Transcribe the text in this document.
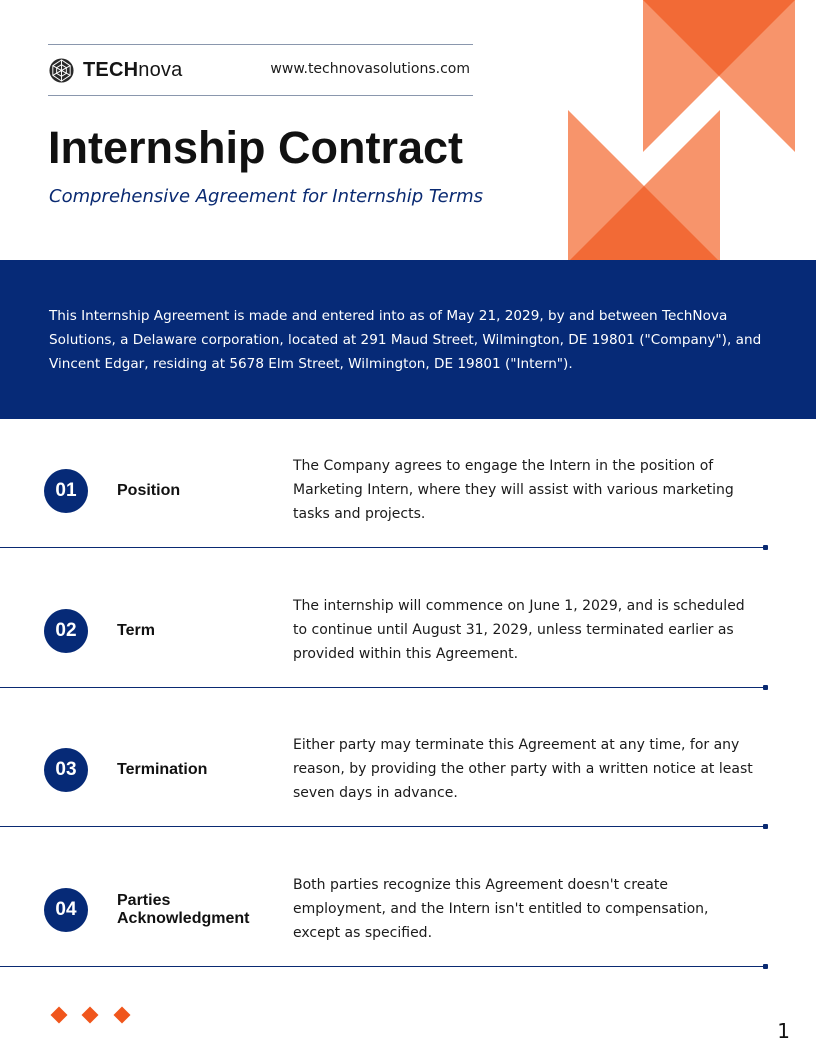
TECHnova	www.technovasolutions.com
Internship Contract
Comprehensive Agreement for Internship Terms

This Internship Agreement is made and entered into as of May 21, 2029, by and between TechNova Solutions, a Delaware corporation, located at 291 Maud Street, Wilmington, DE 19801 ("Company"), and Vincent Edgar, residing at 5678 Elm Street, Wilmington, DE 19801 ("Intern").

01	Position

The Company agrees to engage the Intern in the position of Marketing Intern, where they will assist with various marketing tasks and projects.

02	Term

The internship will commence on June 1, 2029, and is scheduled to continue until August 31, 2029, unless terminated earlier as provided within this Agreement.

03	Termination

Either party may terminate this Agreement at any time, for any reason, by providing the other party with a written notice at least seven days in advance.

04	Parties Acknowledgment

Both parties recognize this Agreement doesn't create employment, and the Intern isn't entitled to compensation, except as specified.

1
